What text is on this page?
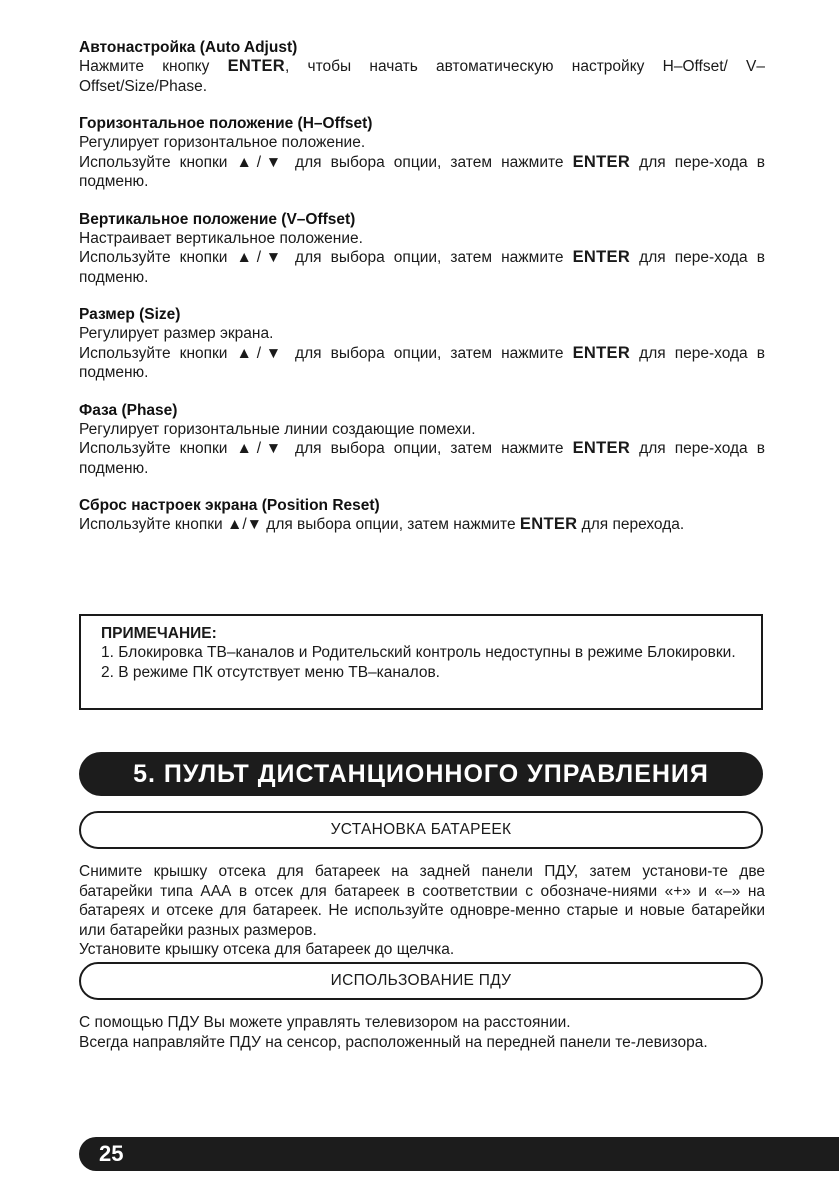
Автонастройка (Auto Adjust)

Нажмите кнопку ENTER, чтобы начать автоматическую настройку H–Offset/ V–Offset/Size/Phase.

Горизонтальное положение (H–Offset)

Регулирует горизонтальное положение.

Используйте кнопки ▲/▼ для выбора опции, затем нажмите ENTER для пере-хода в подменю.

Вертикальное положение (V–Offset)

Настраивает вертикальное положение.

Используйте кнопки ▲/▼ для выбора опции, затем нажмите ENTER для пере-хода в подменю.

Размер (Size)

Регулирует размер экрана.

Используйте кнопки ▲/▼ для выбора опции, затем нажмите ENTER для пере-хода в подменю.

Фаза (Phase)

Регулирует горизонтальные линии создающие помехи.

Используйте кнопки ▲/▼ для выбора опции, затем нажмите ENTER для пере-хода в подменю.

Сброс настроек экрана (Position Reset)

Используйте кнопки ▲/▼ для выбора опции, затем нажмите ENTER для перехода.

ПРИМЕЧАНИЕ:

1. Блокировка ТВ–каналов и Родительский контроль недоступны в режиме Блокировки.

2. В режиме ПК отсутствует меню ТВ–каналов.

5. ПУЛЬТ ДИСТАНЦИОННОГО УПРАВЛЕНИЯ
УСТАНОВКА БАТАРЕЕК

Снимите крышку отсека для батареек на задней панели ПДУ, затем установи-те две батарейки типа ААА в отсек для батареек в соответствии с обозначе-ниями «+» и «–» на батареях и отсеке для батареек. Не используйте одновре-менно старые и новые батарейки или батарейки разных размеров.

Установите крышку отсека для батареек до щелчка.

ИСПОЛЬЗОВАНИЕ ПДУ

С помощью ПДУ Вы можете управлять телевизором на расстоянии.

Всегда направляйте ПДУ на сенсор, расположенный на передней панели те-левизора.

25
